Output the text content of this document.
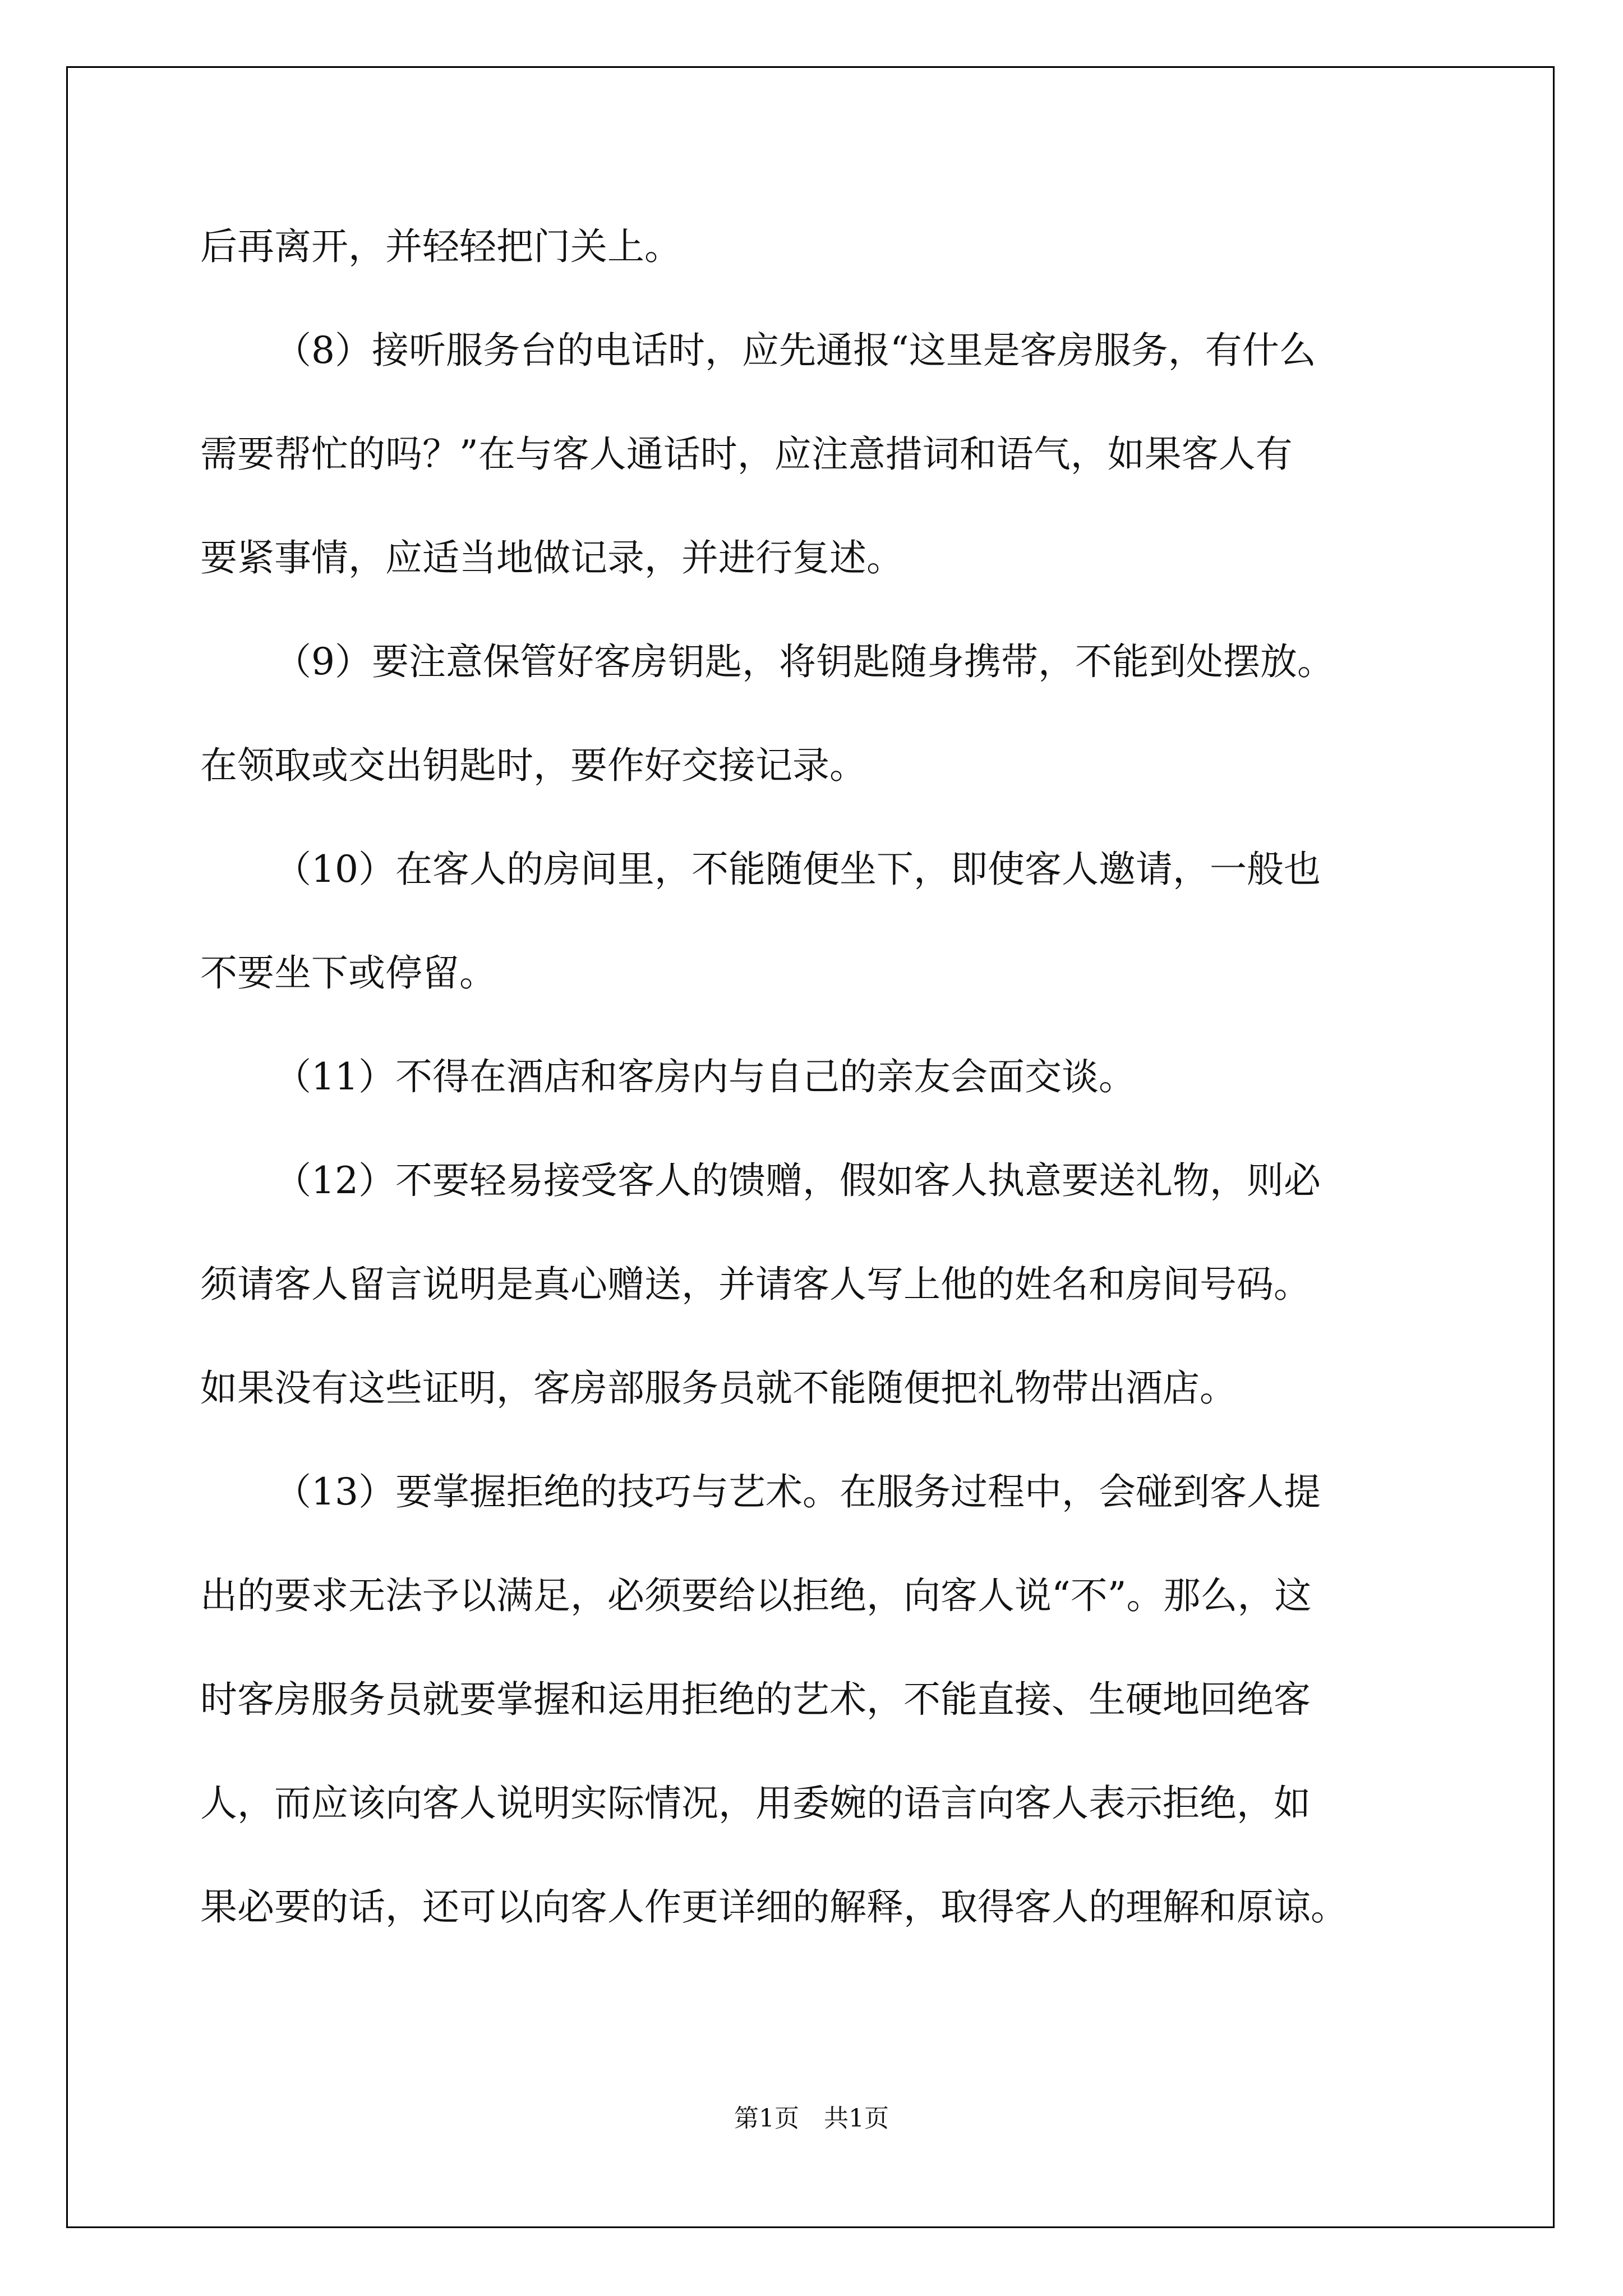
后再离开，并轻轻把门关上。
（8）接听服务台的电话时，应先通报“这里是客房服务，有什么
需要帮忙的吗？”在与客人通话时，应注意措词和语气，如果客人有
要紧事情，应适当地做记录，并进行复述。
（9）要注意保管好客房钥匙，将钥匙随身携带，不能到处摆放。
在领取或交出钥匙时，要作好交接记录。
（10）在客人的房间里，不能随便坐下，即使客人邀请，一般也
不要坐下或停留。
（11）不得在酒店和客房内与自己的亲友会面交谈。
（12）不要轻易接受客人的馈赠，假如客人执意要送礼物，则必
须请客人留言说明是真心赠送，并请客人写上他的姓名和房间号码。
如果没有这些证明，客房部服务员就不能随便把礼物带出酒店。
（13）要掌握拒绝的技巧与艺术。在服务过程中，会碰到客人提
出的要求无法予以满足，必须要给以拒绝，向客人说“不”。那么，这
时客房服务员就要掌握和运用拒绝的艺术，不能直接、生硬地回绝客
人，而应该向客人说明实际情况，用委婉的语言向客人表示拒绝，如
果必要的话，还可以向客人作更详细的解释，取得客人的理解和原谅。
第1页 共1页
